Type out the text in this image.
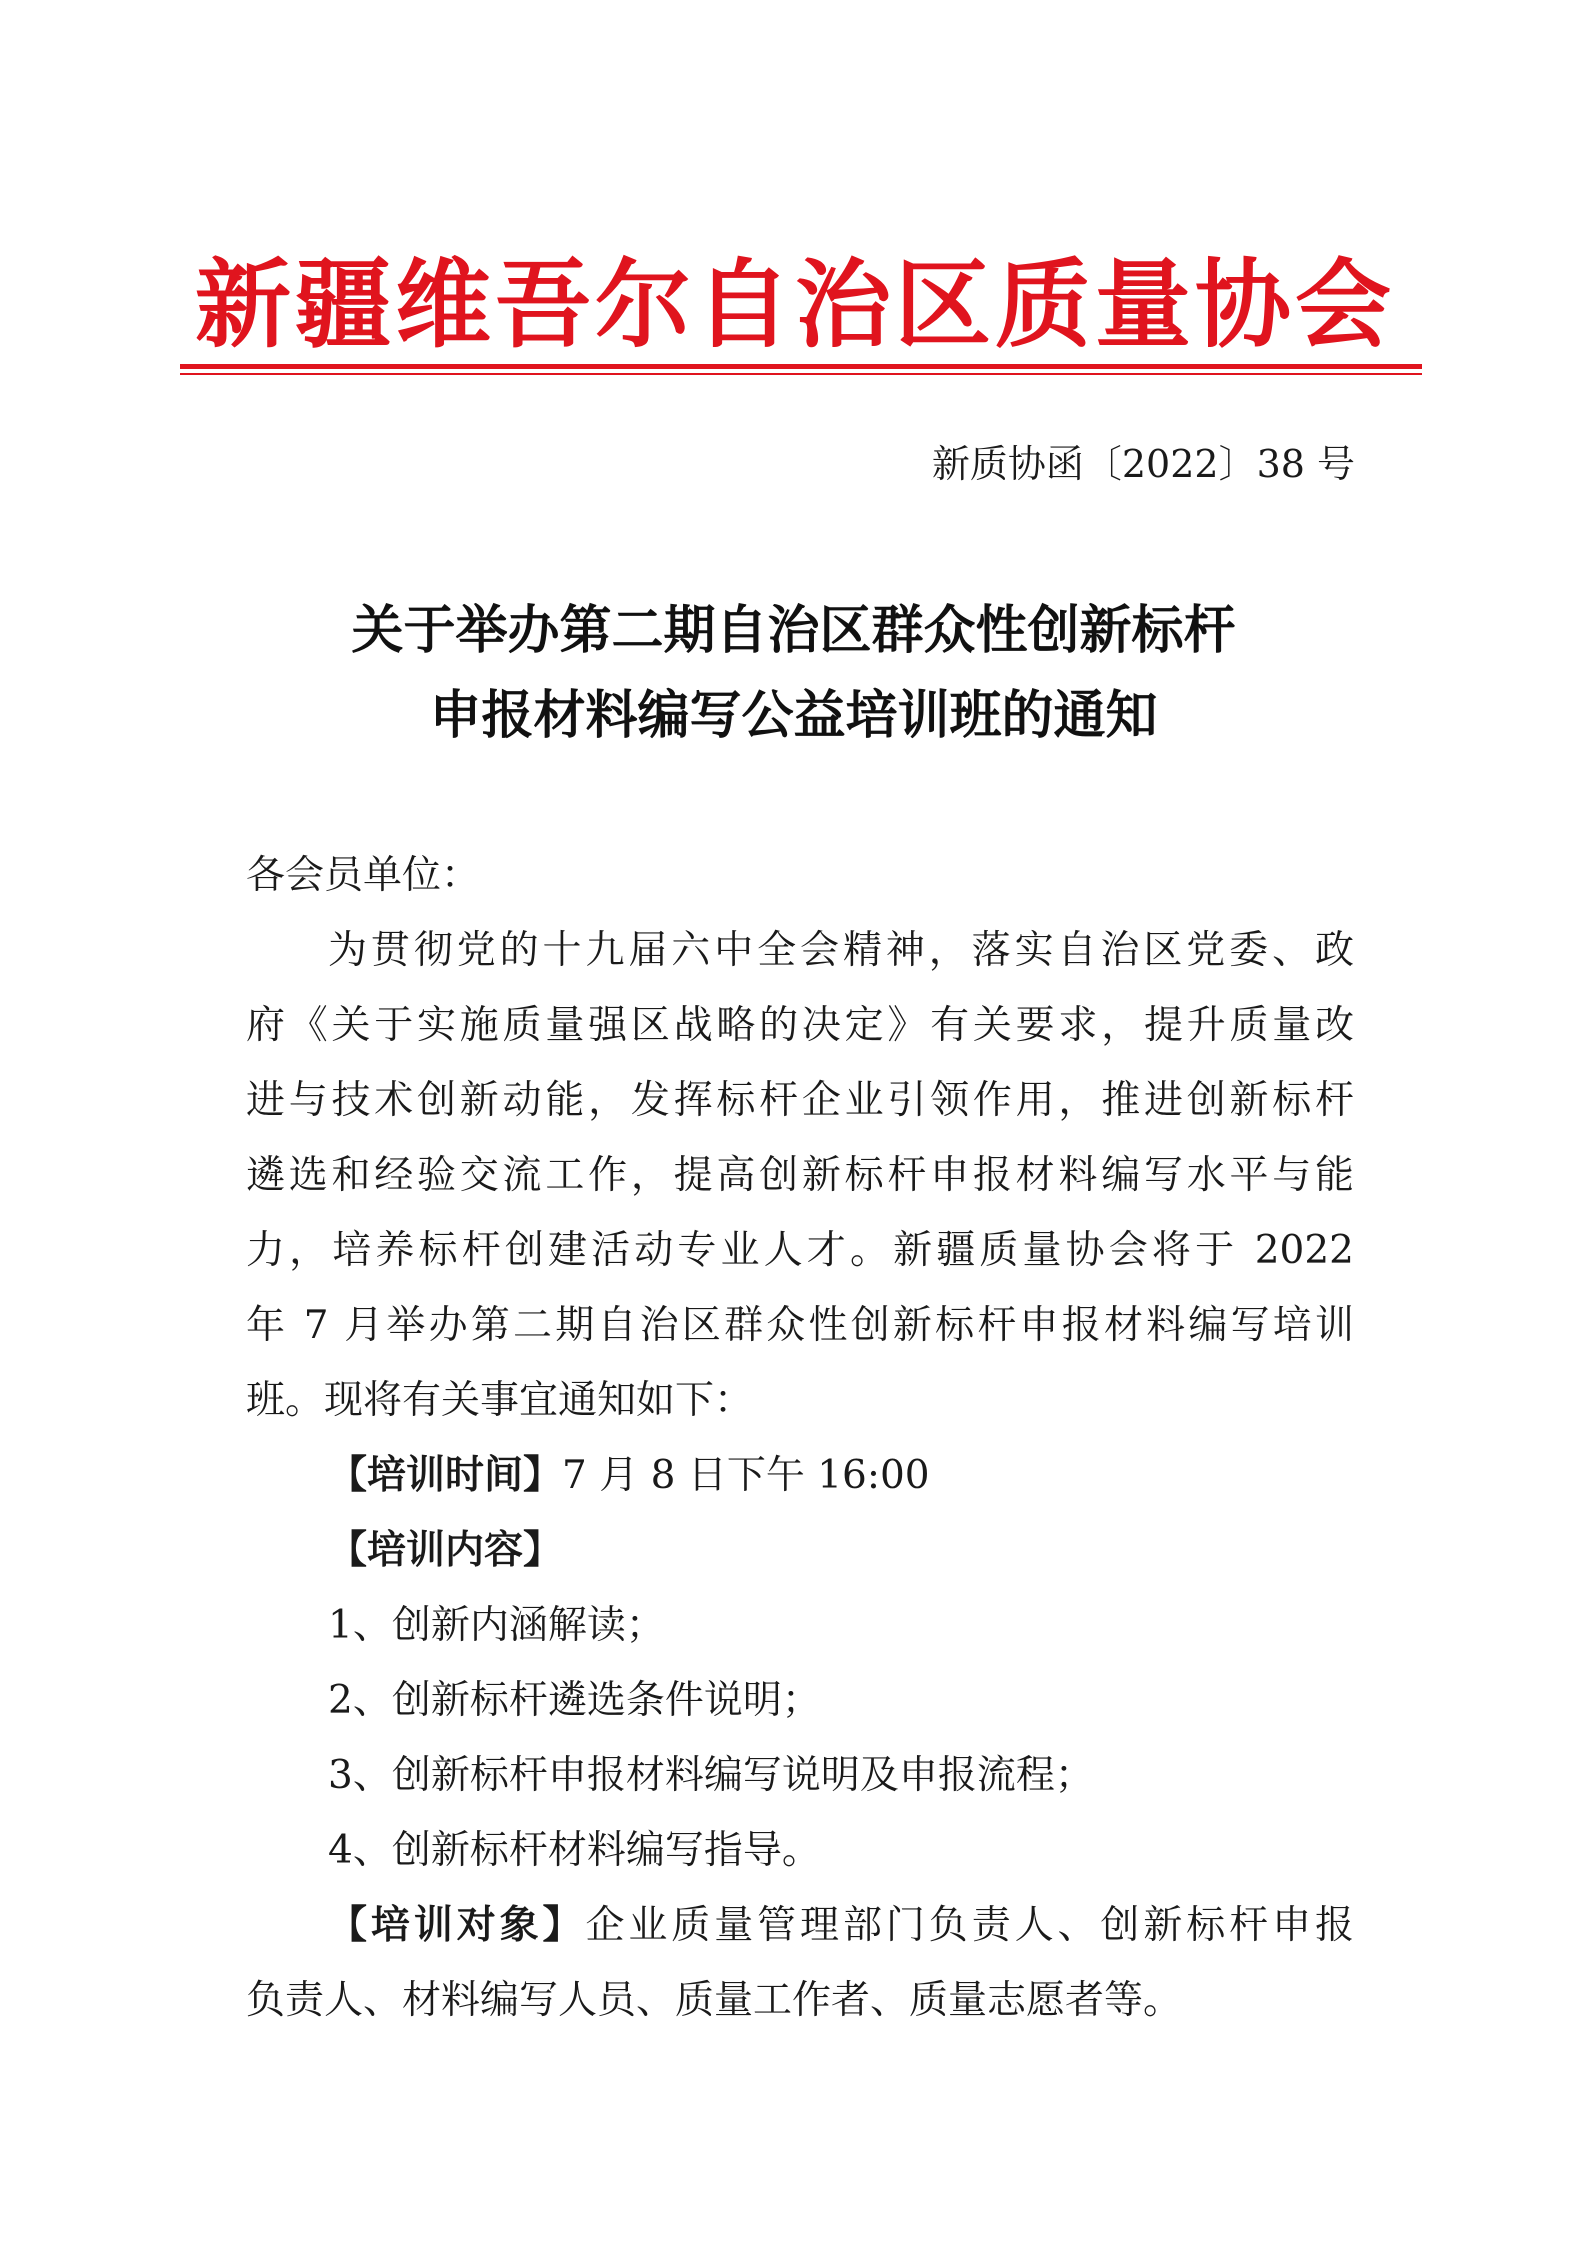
新疆维吾尔自治区质量协会
新质协函〔2022〕38 号
关于举办第二期自治区群众性创新标杆
申报材料编写公益培训班的通知
各会员单位：
为贯彻党的十九届六中全会精神，落实自治区党委、政
府《关于实施质量强区战略的决定》有关要求，提升质量改
进与技术创新动能，发挥标杆企业引领作用，推进创新标杆
遴选和经验交流工作，提高创新标杆申报材料编写水平与能
力，培养标杆创建活动专业人才。新疆质量协会将于 2022
年 7 月举办第二期自治区群众性创新标杆申报材料编写培训
班。现将有关事宜通知如下：
【培训时间】7 月 8 日下午 16:00
【培训内容】
1、创新内涵解读；
2、创新标杆遴选条件说明；
3、创新标杆申报材料编写说明及申报流程；
4、创新标杆材料编写指导。
【培训对象】企业质量管理部门负责人、创新标杆申报
负责人、材料编写人员、质量工作者、质量志愿者等。
